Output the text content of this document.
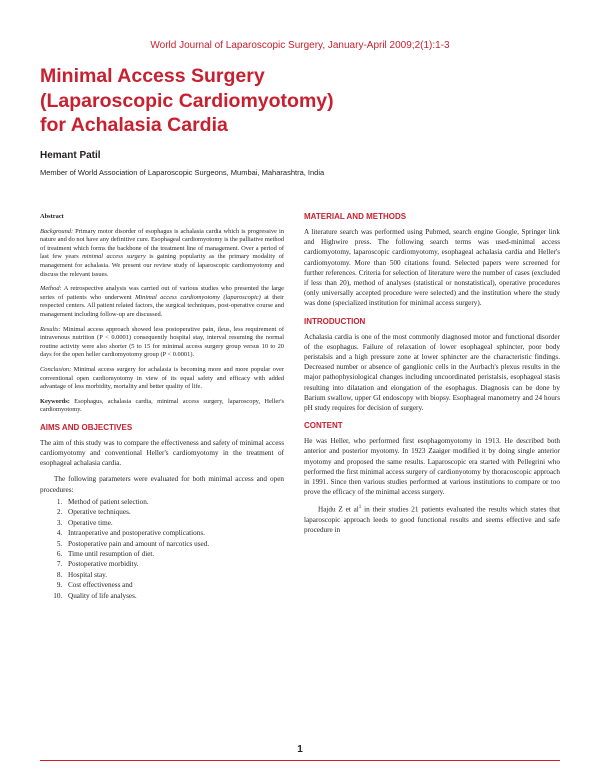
World Journal of Laparoscopic Surgery, January-April 2009;2(1):1-3
Minimal Access Surgery
(Laparoscopic Cardiomyotomy)
for Achalasia Cardia

Hemant Patil

Member of World Association of Laparoscopic Surgeons, Mumbai, Maharashtra, India

Abstract

Background: Primary motor disorder of esophagus is achalasia cardia which is progressive in nature and do not have any definitive cure. Esophageal cardiomyotomy is the palliative method of treatment which forms the backbone of the treatment line of management. Over a period of last few years minimal access surgery is gaining popularity as the primary modality of management for achalasia. We present our review study of laparoscopic cardiomyotomy and discuss the relevant issues.

Method: A retrospective analysis was carried out of various studies who presented the large series of patients who underwent Minimal access cardiomyotomy (laparoscopic) at their respected centers. All patient related factors, the surgical techniques, post-operative course and management including follow-up are discussed.

Results: Minimal access approach showed less postoperative pain, ileus, less requirement of intravenous nutrition (P < 0.0001) consequently hospital stay, interval resuming the normal routine activity were also shorter (5 to 15 for minimal access surgery group versus 10 to 20 days for the open heller cardiomyotomy group (P < 0.0001).

Conclusion: Minimal access surgery for achalasia is becoming more and more popular over conventional open cardiomyotomy in view of its equal safety and efficacy with added advantage of less morbidity, mortality and better quality of life.

Keywords: Esophagus, achalasia cardia, minimal access surgery, laparoscopy, Heller's cardiomyotomy.

AIMS AND OBJECTIVES

The aim of this study was to compare the effectiveness and safety of minimal access cardiomyotomy and conventional Heller's cardiomyotomy in the treatment of esophageal achalasia cardia.

The following parameters were evaluated for both minimal access and open procedures:

1. Method of patient selection.
2. Operative techniques.
3. Operative time.
4. Intraoperative and postoperative complications.
5. Postoperative pain and amount of narcotics used.
6. Time until resumption of diet.
7. Postoperative morbidity.
8. Hospital stay.
9. Cost effectiveness and
10. Quality of life analyses.
MATERIAL AND METHODS

A literature search was performed using Pubmed, search engine Google, Springer link and Highwire press. The following search terms was used-minimal access cardiomyotomy, laparoscopic cardiomyotomy, esophageal achalasia cardia and Heller's cardiomyotomy. More than 500 citations found. Selected papers were screened for further references. Criteria for selection of literature were the number of cases (excluded if less than 20), method of analyses (statistical or nonstatistical), operative procedures (only universally accepted procedure were selected) and the institution where the study was done (specialized institution for minimal access surgery).

INTRODUCTION

Achalasia cardia is one of the most commonly diagnosed motor and functional disorder of the esophagus. Failure of relaxation of lower esophageal sphincter, poor body peristalsis and a high pressure zone at lower sphincter are the characteristic findings. Decreased number or absence of ganglionic cells in the Aurbach's plexus results in the major pathophysiological changes including uncoordinated peristalsis, esophageal stasis resulting into dilatation and elongation of the esophagus. Diagnosis can be done by Barium swallow, upper GI endoscopy with biopsy. Esophageal manometry and 24 hours pH study requires for decision of surgery.

CONTENT

He was Heller, who performed first esophagomyotomy in 1913. He described both anterior and posterior myotomy. In 1923 Zaaiger modified it by doing single anterior myotomy and proposed the same results. Laparoscopic era started with Pellegrini who performed the first minimal access surgery of cardionyotomy by thoracoscopic approach in 1991. Since then various studies performed at various institutions to compare or too prove the efficacy of the minimal access surgery.

Hajdu Z et $al^1$ in their studies 21 patients evaluated the results which states that laparoscopic approach leeds to good functional results and seems effective and safe procedure in

1
